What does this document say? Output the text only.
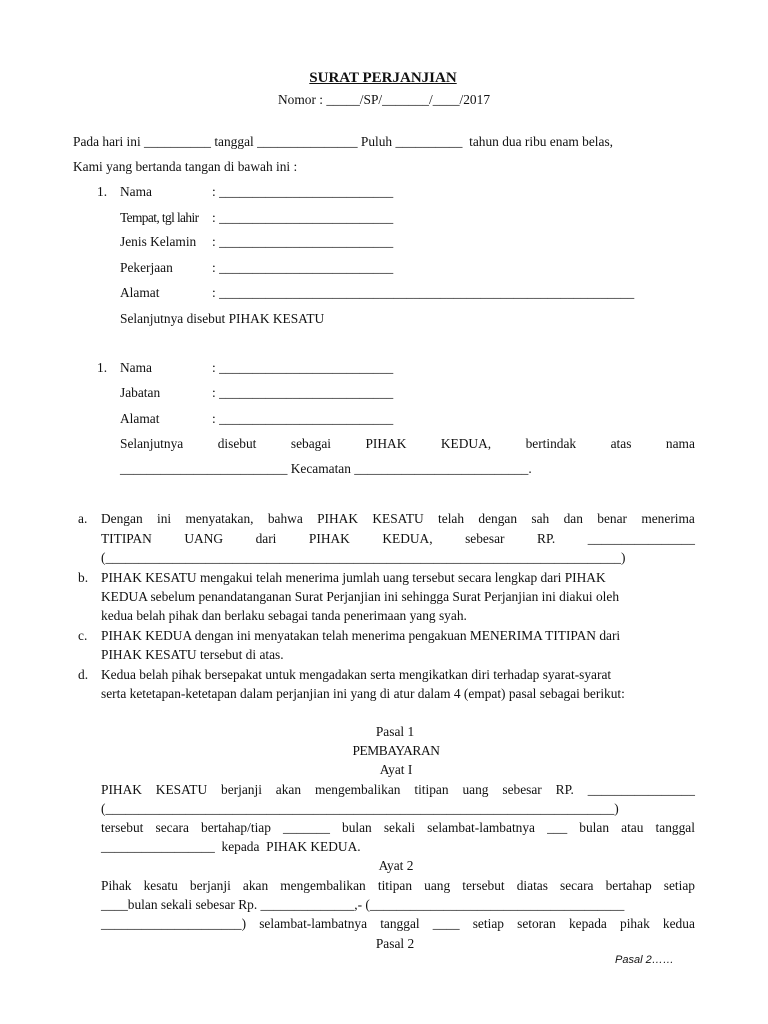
SURAT PERJANJIAN
Nomor : _____/SP/_______/____/2017
Pada hari ini __________ tanggal _______________ Puluh __________  tahun dua ribu enam belas,
Kami yang bertanda tangan di bawah ini :
1. Nama	: __________________________
Tempat, tgl lahir : __________________________
Jenis Kelamin : __________________________
Pekerjaan	: __________________________
Alamat	: ______________________________________________________________
Selanjutnya disebut PIHAK KESATU
1. Nama	: __________________________
Jabatan	: __________________________
Alamat	: __________________________
Selanjutnya	disebut	sebagai	PIHAK	KEDUA,	bertindak	atas	nama
_________________________ Kecamatan __________________________.
a. Dengan ini menyatakan, bahwa PIHAK KESATU telah dengan sah dan benar menerima
TITIPAN UANG dari PIHAK KEDUA, sebesar RP. ________________
(_____________________________________________________________________________)
b. PIHAK KESATU mengakui telah menerima jumlah uang tersebut secara lengkap dari PIHAK
KEDUA sebelum penandatanganan Surat Perjanjian ini sehingga Surat Perjanjian ini diakui oleh
kedua belah pihak dan berlaku sebagai tanda penerimaan yang syah.
c. PIHAK KEDUA dengan ini menyatakan telah menerima pengakuan MENERIMA TITIPAN dari
PIHAK KESATU tersebut di atas.
d. Kedua belah pihak bersepakat untuk mengadakan serta mengikatkan diri terhadap syarat-syarat
serta ketetapan-ketetapan dalam perjanjian ini yang di atur dalam 4 (empat) pasal sebagai berikut:
Pasal 1
PEMBAYARAN
Ayat I
PIHAK KESATU berjanji akan mengembalikan titipan uang sebesar RP. ________________
(____________________________________________________________________________)
tersebut secara bertahap/tiap _______ bulan sekali selambat-lambatnya ___ bulan atau tanggal
_________________  kepada  PIHAK KEDUA.
Ayat 2
Pihak kesatu berjanji akan mengembalikan titipan uang tersebut diatas secara bertahap setiap
____bulan sekali sebesar Rp. ______________,- (______________________________________
_____________________) selambat-lambatnya tanggal ____ setiap setoran kepada pihak kedua
Pasal 2
Pasal 2……
